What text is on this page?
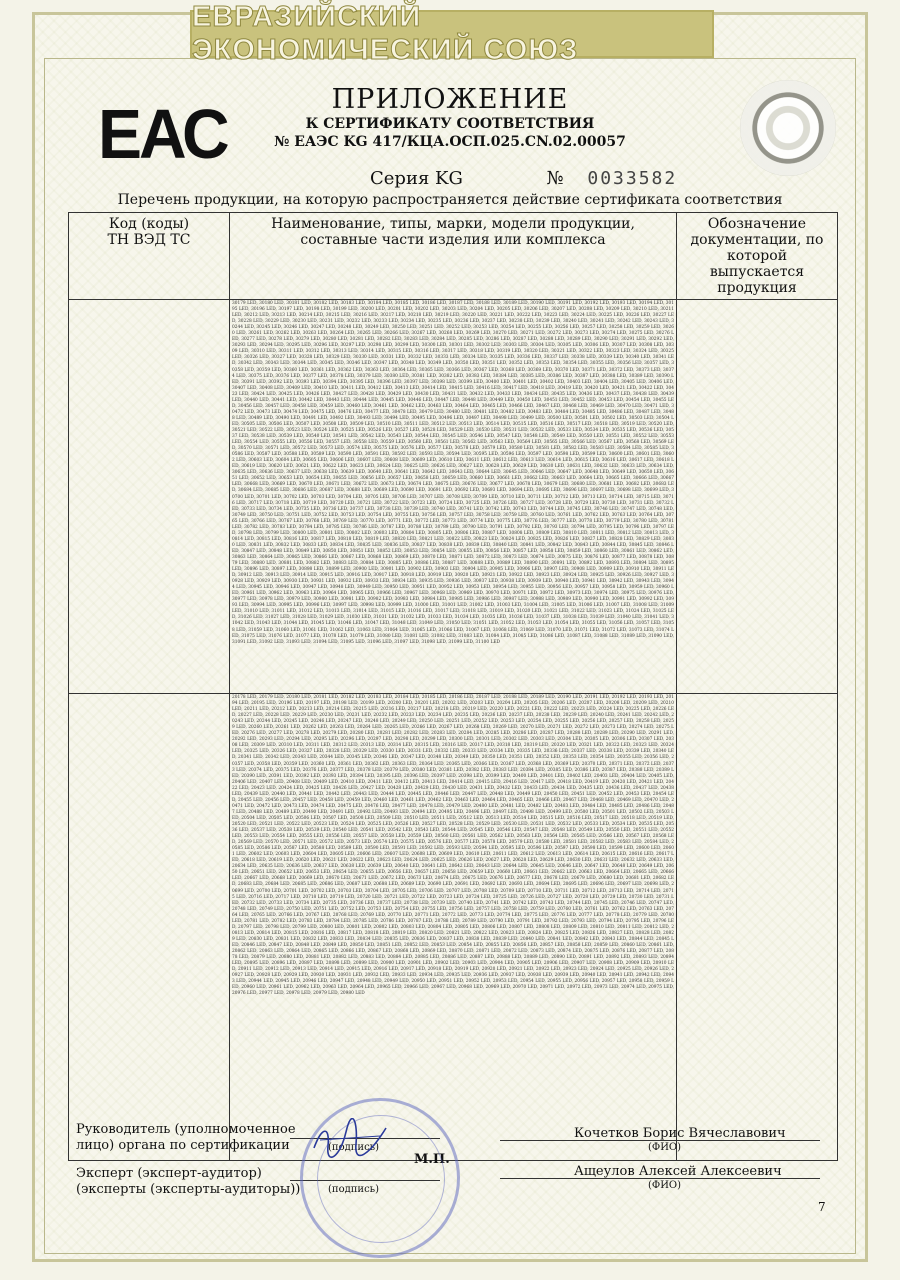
ЕВРАЗИЙСКИЙ ЭКОНОМИЧЕСКИЙ СОЮЗ
ЕАС	ПРИЛОЖЕНИЕ
К СЕРТИФИКАТУ СООТВЕТСТВИЯ
№ ЕАЭС KG 417/КЦА.ОСП.025.CN.02.00057
Серия KG	№ 0033582
Перечень продукции, на которую распространяется действие сертификата соответствия
Код (коды)
ТН ВЭД ТС	Наименование, типы, марки, модели продукции, составные части изделия или комплекса	Обозначение документации, по которой выпускается продукция

	30179 LED, 30180 LED, 30181 LED, 30182 LED, 30183 LED, 30184 LED, 30185 LED, 30186 LED, 30187 LED, 30188 LED, 30189 LED, 30190 LED, 30191 LED, 30192 LED, 30193 LED, 30194 LED, 30195 LED, 30196 LED, 30197 LED, 30198 LED, 30199 LED, 30200 LED, 30201 LED, 30202 LED, 30203 LED, 30204 LED, 30205 LED, 30206 LED, 30207 LED, 30208 LED, 30209 LED, 30210 LED, 30211 LED, 30212 LED, 30213 LED, 30214 LED, 30215 LED, 30216 LED, 30217 LED, 30218 LED, 30219 LED, 30220 LED, 30221 LED, 30222 LED, 30223 LED, 30224 LED, 30225 LED, 30226 LED, 30227 LED, 30228 LED, 30229 LED, 30230 LED, 30231 LED, 30232 LED, 30233 LED, 30234 LED, 30235 LED, 30236 LED, 30237 LED, 30238 LED, 30239 LED, 30240 LED, 30241 LED, 30242 LED, 30243 LED, 30244 LED, 30245 LED, 30246 LED, 30247 LED, 30248 LED, 30249 LED, 30250 LED, 30251 LED, 30252 LED, 30253 LED, 30254 LED, 30255 LED, 30256 LED, 30257 LED, 30258 LED, 30259 LED, 30260 LED, 30261 LED, 30262 LED, 30263 LED, 30264 LED, 30265 LED, 30266 LED, 30267 LED, 30268 LED, 30269 LED, 30270 LED, 30271 LED, 30272 LED, 30273 LED, 30274 LED, 30275 LED, 30276 LED, 30277 LED, 30278 LED, 30279 LED, 30280 LED, 30281 LED, 30282 LED, 30283 LED, 30284 LED, 30285 LED, 30286 LED, 30287 LED, 30288 LED, 30289 LED, 30290 LED, 30291 LED, 30292 LED, 30293 LED, 30294 LED, 30295 LED, 30296 LED, 30297 LED, 30298 LED, 30299 LED, 30300 LED, 30301 LED, 30302 LED, 30303 LED, 30304 LED, 30305 LED, 30306 LED, 30307 LED, 30308 LED, 30309 LED, 30310 LED, 30311 LED, 30312 LED, 30313 LED, 30314 LED, 30315 LED, 30316 LED, 30317 LED, 30318 LED, 30319 LED, 30320 LED, 30321 LED, 30322 LED, 30323 LED, 30324 LED, 30325 LED, 30326 LED, 30327 LED, 30328 LED, 30329 LED, 30330 LED, 30331 LED, 30332 LED, 30333 LED, 30334 LED, 30335 LED, 30336 LED, 30337 LED, 30338 LED, 30339 LED, 30340 LED, 30341 LED, 30342 LED, 30343 LED, 30344 LED, 30345 LED, 30346 LED, 30347 LED, 30348 LED, 30349 LED, 30350 LED, 30351 LED, 30352 LED, 30353 LED, 30354 LED, 30355 LED, 30356 LED, 30357 LED, 30358 LED, 30359 LED, 30360 LED, 30361 LED, 30362 LED, 30363 LED, 30364 LED, 30365 LED, 30366 LED, 30367 LED, 30368 LED, 30369 LED, 30370 LED, 30371 LED, 30372 LED, 30373 LED, 30374 LED, 30375 LED, 30376 LED, 30377 LED, 30378 LED, 30379 LED, 30380 LED, 30381 LED, 30382 LED, 30383 LED, 30384 LED, 30385 LED, 30386 LED, 30387 LED, 30388 LED, 30389 LED, 30390 LED, 30391 LED, 30392 LED, 30393 LED, 30394 LED, 30395 LED, 30396 LED, 30397 LED, 30398 LED, 30399 LED, 30400 LED, 30401 LED, 30402 LED, 30403 LED, 30404 LED, 30405 LED, 30406 LED, 30407 LED, 30408 LED, 30409 LED, 30410 LED, 30411 LED, 30412 LED, 30413 LED, 30414 LED, 30415 LED, 30416 LED, 30417 LED, 30418 LED, 30419 LED, 30420 LED, 30421 LED, 30422 LED, 30423 LED, 30424 LED, 30425 LED, 30426 LED, 30427 LED, 30428 LED, 30429 LED, 30430 LED, 30431 LED, 30432 LED, 30433 LED, 30434 LED, 30435 LED, 30436 LED, 30437 LED, 30438 LED, 30439 LED, 30440 LED, 30441 LED, 30442 LED, 30443 LED, 30444 LED, 30445 LED, 30446 LED, 30447 LED, 30448 LED, 30449 LED, 30450 LED, 30451 LED, 30452 LED, 30453 LED, 30454 LED, 30455 LED, 30456 LED, 30457 LED, 30458 LED, 30459 LED, 30460 LED, 30461 LED, 30462 LED, 30463 LED, 30464 LED, 30465 LED, 30466 LED, 30467 LED, 30468 LED, 30469 LED, 30470 LED, 30471 LED, 30472 LED, 30473 LED, 30474 LED, 30475 LED, 30476 LED, 30477 LED, 30478 LED, 30479 LED, 30480 LED, 30481 LED, 30482 LED, 30483 LED, 30484 LED, 30485 LED, 30486 LED, 30487 LED, 30488 LED, 30489 LED, 30490 LED, 30491 LED, 30492 LED, 30493 LED, 30494 LED, 30495 LED, 30496 LED, 30497 LED, 30498 LED, 30499 LED, 30500 LED, 30501 LED, 30502 LED, 30503 LED, 30504 LED, 30505 LED, 30506 LED, 30507 LED, 30508 LED, 30509 LED, 30510 LED, 30511 LED, 30512 LED, 30513 LED, 30514 LED, 30515 LED, 30516 LED, 30517 LED, 30518 LED, 30519 LED, 30520 LED, 30521 LED, 30522 LED, 30523 LED, 30524 LED, 30525 LED, 30526 LED, 30527 LED, 30528 LED, 30529 LED, 30530 LED, 30531 LED, 30532 LED, 30533 LED, 30534 LED, 30535 LED, 30536 LED, 30537 LED, 30538 LED, 30539 LED, 30540 LED, 30541 LED, 30542 LED, 30543 LED, 30544 LED, 30545 LED, 30546 LED, 30547 LED, 30548 LED, 30549 LED, 30550 LED, 30551 LED, 30552 LED, 30553 LED, 30554 LED, 30555 LED, 30556 LED, 30557 LED, 30558 LED, 30559 LED, 30560 LED, 30561 LED, 30562 LED, 30563 LED, 30564 LED, 30565 LED, 30566 LED, 30567 LED, 30568 LED, 30569 LED, 30570 LED, 30571 LED, 30572 LED, 30573 LED, 30574 LED, 30575 LED, 30576 LED, 30577 LED, 30578 LED, 30579 LED, 30580 LED, 30581 LED, 30582 LED, 30583 LED, 30584 LED, 30585 LED, 30586 LED, 30587 LED, 30588 LED, 30589 LED, 30590 LED, 30591 LED, 30592 LED, 30593 LED, 30594 LED, 30595 LED, 30596 LED, 30597 LED, 30598 LED, 30599 LED, 30600 LED, 30601 LED, 30602 LED, 30603 LED, 30604 LED, 30605 LED, 30606 LED, 30607 LED, 30608 LED, 30609 LED, 30610 LED, 30611 LED, 30612 LED, 30613 LED, 30614 LED, 30615 LED, 30616 LED, 30617 LED, 30618 LED, 30619 LED, 30620 LED, 30621 LED, 30622 LED, 30623 LED, 30624 LED, 30625 LED, 30626 LED, 30627 LED, 30628 LED, 30629 LED, 30630 LED, 30631 LED, 30632 LED, 30633 LED, 30634 LED, 30635 LED, 30636 LED, 30637 LED, 30638 LED, 30639 LED, 30640 LED, 30641 LED, 30642 LED, 30643 LED, 30644 LED, 30645 LED, 30646 LED, 30647 LED, 30648 LED, 30649 LED, 30650 LED, 30651 LED, 30652 LED, 30653 LED, 30654 LED, 30655 LED, 30656 LED, 30657 LED, 30658 LED, 30659 LED, 30660 LED, 30661 LED, 30662 LED, 30663 LED, 30664 LED, 30665 LED, 30666 LED, 30667 LED, 30668 LED, 30669 LED, 30670 LED, 30671 LED, 30672 LED, 30673 LED, 30674 LED, 30675 LED, 30676 LED, 30677 LED, 30678 LED, 30679 LED, 30680 LED, 30681 LED, 30682 LED, 30683 LED, 30684 LED, 30685 LED, 30686 LED, 30687 LED, 30688 LED, 30689 LED, 30690 LED, 30691 LED, 30692 LED, 30693 LED, 30694 LED, 30695 LED, 30696 LED, 30697 LED, 30698 LED, 30699 LED, 30700 LED, 30701 LED, 30702 LED, 30703 LED, 30704 LED, 30705 LED, 30706 LED, 30707 LED, 30708 LED, 30709 LED, 30710 LED, 30711 LED, 30712 LED, 30713 LED, 30714 LED, 30715 LED, 30716 LED, 30717 LED, 30718 LED, 30719 LED, 30720 LED, 30721 LED, 30722 LED, 30723 LED, 30724 LED, 30725 LED, 30726 LED, 30727 LED, 30728 LED, 30729 LED, 30730 LED, 30731 LED, 30732 LED, 30733 LED, 30734 LED, 30735 LED, 30736 LED, 30737 LED, 30738 LED, 30739 LED, 30740 LED, 30741 LED, 30742 LED, 30743 LED, 30744 LED, 30745 LED, 30746 LED, 30747 LED, 30748 LED, 30749 LED, 30750 LED, 30751 LED, 30752 LED, 30753 LED, 30754 LED, 30755 LED, 30756 LED, 30757 LED, 30758 LED, 30759 LED, 30760 LED, 30761 LED, 30762 LED, 30763 LED, 30764 LED, 30765 LED, 30766 LED, 30767 LED, 30768 LED, 30769 LED, 30770 LED, 30771 LED, 30772 LED, 30773 LED, 30774 LED, 30775 LED, 30776 LED, 30777 LED, 30778 LED, 30779 LED, 30780 LED, 30781 LED, 30782 LED, 30783 LED, 30784 LED, 30785 LED, 30786 LED, 30787 LED, 30788 LED, 30789 LED, 30790 LED, 30791 LED, 30792 LED, 30793 LED, 30794 LED, 30795 LED, 30796 LED, 30797 LED, 30798 LED, 30799 LED, 30800 LED, 30801 LED, 30802 LED, 30803 LED, 30804 LED, 30805 LED, 30806 LED, 30807 LED, 30808 LED, 30809 LED, 30810 LED, 30811 LED, 30812 LED, 30813 LED, 30814 LED, 30815 LED, 30816 LED, 30817 LED, 30818 LED, 30819 LED, 30820 LED, 30821 LED, 30822 LED, 30823 LED, 30824 LED, 30825 LED, 30826 LED, 30827 LED, 30828 LED, 30829 LED, 30830 LED, 30831 LED, 30832 LED, 30833 LED, 30834 LED, 30835 LED, 30836 LED, 30837 LED, 30838 LED, 30839 LED, 30840 LED, 30841 LED, 30842 LED, 30843 LED, 30844 LED, 30845 LED, 30846 LED, 30847 LED, 30848 LED, 30849 LED, 30850 LED, 30851 LED, 30852 LED, 30853 LED, 30854 LED, 30855 LED, 30856 LED, 30857 LED, 30858 LED, 30859 LED, 30860 LED, 30861 LED, 30862 LED, 30863 LED, 30864 LED, 30865 LED, 30866 LED, 30867 LED, 30868 LED, 30869 LED, 30870 LED, 30871 LED, 30872 LED, 30873 LED, 30874 LED, 30875 LED, 30876 LED, 30877 LED, 30878 LED, 30879 LED, 30880 LED, 30881 LED, 30882 LED, 30883 LED, 30884 LED, 30885 LED, 30886 LED, 30887 LED, 30888 LED, 30889 LED, 30890 LED, 30891 LED, 30892 LED, 30893 LED, 30894 LED, 30895 LED, 30896 LED, 30897 LED, 30898 LED, 30899 LED, 30900 LED, 30901 LED, 30902 LED, 30903 LED, 30904 LED, 30905 LED, 30906 LED, 30907 LED, 30908 LED, 30909 LED, 30910 LED, 30911 LED, 30912 LED, 30913 LED, 30914 LED, 30915 LED, 30916 LED, 30917 LED, 30918 LED, 30919 LED, 30920 LED, 30921 LED, 30922 LED, 30923 LED, 30924 LED, 30925 LED, 30926 LED, 30927 LED, 30928 LED, 30929 LED, 30930 LED, 30931 LED, 30932 LED, 30933 LED, 30934 LED, 30935 LED, 30936 LED, 30937 LED, 30938 LED, 30939 LED, 30940 LED, 30941 LED, 30942 LED, 30943 LED, 30944 LED, 30945 LED, 30946 LED, 30947 LED, 30948 LED, 30949 LED, 30950 LED, 30951 LED, 30952 LED, 30953 LED, 30954 LED, 30955 LED, 30956 LED, 30957 LED, 30958 LED, 30959 LED, 30960 LED, 30961 LED, 30962 LED, 30963 LED, 30964 LED, 30965 LED, 30966 LED, 30967 LED, 30968 LED, 30969 LED, 30970 LED, 30971 LED, 30972 LED, 30973 LED, 30974 LED, 30975 LED, 30976 LED, 30977 LED, 30978 LED, 30979 LED, 30980 LED, 30981 LED, 30982 LED, 30983 LED, 30984 LED, 30985 LED, 30986 LED, 30987 LED, 30988 LED, 30989 LED, 30990 LED, 30991 LED, 30992 LED, 30993 LED, 30994 LED, 30995 LED, 30996 LED, 30997 LED, 30998 LED, 30999 LED, 31000 LED, 31001 LED, 31002 LED, 31003 LED, 31004 LED, 31005 LED, 31006 LED, 31007 LED, 31008 LED, 31009 LED, 31010 LED, 31011 LED, 31012 LED, 31013 LED, 31014 LED, 31015 LED, 31016 LED, 31017 LED, 31018 LED, 31019 LED, 31020 LED, 31021 LED, 31022 LED, 31023 LED, 31024 LED, 31025 LED, 31026 LED, 31027 LED, 31028 LED, 31029 LED, 31030 LED, 31031 LED, 31032 LED, 31033 LED, 31034 LED, 31035 LED, 31036 LED, 31037 LED, 31038 LED, 31039 LED, 31040 LED, 31041 LED, 31042 LED, 31043 LED, 31044 LED, 31045 LED, 31046 LED, 31047 LED, 31048 LED, 31049 LED, 31050 LED, 31051 LED, 31052 LED, 31053 LED, 31054 LED, 31055 LED, 31056 LED, 31057 LED, 31058 LED, 31059 LED, 31060 LED, 31061 LED, 31062 LED, 31063 LED, 31064 LED, 31065 LED, 31066 LED, 31067 LED, 31068 LED, 31069 LED, 31070 LED, 31071 LED, 31072 LED, 31073 LED, 31074 LED, 31075 LED, 31076 LED, 31077 LED, 31078 LED, 31079 LED, 31080 LED, 31081 LED, 31082 LED, 31083 LED, 31084 LED, 31085 LED, 31086 LED, 31087 LED, 31088 LED, 31089 LED, 31090 LED, 31091 LED, 31092 LED, 31093 LED, 31094 LED, 31095 LED, 31096 LED, 31097 LED, 31098 LED, 31099 LED, 31100 LED	

	20178 LED, 20179 LED, 20180 LED, 20181 LED, 20182 LED, 20183 LED, 20184 LED, 20185 LED, 20186 LED, 20187 LED, 20188 LED, 20189 LED, 20190 LED, 20191 LED, 20192 LED, 20193 LED, 20194 LED, 20195 LED, 20196 LED, 20197 LED, 20198 LED, 20199 LED, 20200 LED, 20201 LED, 20202 LED, 20203 LED, 20204 LED, 20205 LED, 20206 LED, 20207 LED, 20208 LED, 20209 LED, 20210 LED, 20211 LED, 20212 LED, 20213 LED, 20214 LED, 20215 LED, 20216 LED, 20217 LED, 20218 LED, 20219 LED, 20220 LED, 20221 LED, 20222 LED, 20223 LED, 20224 LED, 20225 LED, 20226 LED, 20227 LED, 20228 LED, 20229 LED, 20230 LED, 20231 LED, 20232 LED, 20233 LED, 20234 LED, 20235 LED, 20236 LED, 20237 LED, 20238 LED, 20239 LED, 20240 LED, 20241 LED, 20242 LED, 20243 LED, 20244 LED, 20245 LED, 20246 LED, 20247 LED, 20248 LED, 20249 LED, 20250 LED, 20251 LED, 20252 LED, 20253 LED, 20254 LED, 20255 LED, 20256 LED, 20257 LED, 20258 LED, 20259 LED, 20260 LED, 20261 LED, 20262 LED, 20263 LED, 20264 LED, 20265 LED, 20266 LED, 20267 LED, 20268 LED, 20269 LED, 20270 LED, 20271 LED, 20272 LED, 20273 LED, 20274 LED, 20275 LED, 20276 LED, 20277 LED, 20278 LED, 20279 LED, 20280 LED, 20281 LED, 20282 LED, 20283 LED, 20284 LED, 20285 LED, 20286 LED, 20287 LED, 20288 LED, 20289 LED, 20290 LED, 20291 LED, 20292 LED, 20293 LED, 20294 LED, 20295 LED, 20296 LED, 20297 LED, 20298 LED, 20299 LED, 20300 LED, 20301 LED, 20302 LED, 20303 LED, 20304 LED, 20305 LED, 20306 LED, 20307 LED, 20308 LED, 20309 LED, 20310 LED, 20311 LED, 20312 LED, 20313 LED, 20314 LED, 20315 LED, 20316 LED, 20317 LED, 20318 LED, 20319 LED, 20320 LED, 20321 LED, 20322 LED, 20323 LED, 20324 LED, 20325 LED, 20326 LED, 20327 LED, 20328 LED, 20329 LED, 20330 LED, 20331 LED, 20332 LED, 20333 LED, 20334 LED, 20335 LED, 20336 LED, 20337 LED, 20338 LED, 20339 LED, 20340 LED, 20341 LED, 20342 LED, 20343 LED, 20344 LED, 20345 LED, 20346 LED, 20347 LED, 20348 LED, 20349 LED, 20350 LED, 20351 LED, 20352 LED, 20353 LED, 20354 LED, 20355 LED, 20356 LED, 20357 LED, 20358 LED, 20359 LED, 20360 LED, 20361 LED, 20362 LED, 20363 LED, 20364 LED, 20365 LED, 20366 LED, 20367 LED, 20368 LED, 20369 LED, 20370 LED, 20371 LED, 20372 LED, 20373 LED, 20374 LED, 20375 LED, 20376 LED, 20377 LED, 20378 LED, 20379 LED, 20380 LED, 20381 LED, 20382 LED, 20383 LED, 20384 LED, 20385 LED, 20386 LED, 20387 LED, 20388 LED, 20389 LED, 20390 LED, 20391 LED, 20392 LED, 20393 LED, 20394 LED, 20395 LED, 20396 LED, 20397 LED, 20398 LED, 20399 LED, 20400 LED, 20401 LED, 20402 LED, 20403 LED, 20404 LED, 20405 LED, 20406 LED, 20407 LED, 20408 LED, 20409 LED, 20410 LED, 20411 LED, 20412 LED, 20413 LED, 20414 LED, 20415 LED, 20416 LED, 20417 LED, 20418 LED, 20419 LED, 20420 LED, 20421 LED, 20422 LED, 20423 LED, 20424 LED, 20425 LED, 20426 LED, 20427 LED, 20428 LED, 20429 LED, 20430 LED, 20431 LED, 20432 LED, 20433 LED, 20434 LED, 20435 LED, 20436 LED, 20437 LED, 20438 LED, 20439 LED, 20440 LED, 20441 LED, 20442 LED, 20443 LED, 20444 LED, 20445 LED, 20446 LED, 20447 LED, 20448 LED, 20449 LED, 20450 LED, 20451 LED, 20452 LED, 20453 LED, 20454 LED, 20455 LED, 20456 LED, 20457 LED, 20458 LED, 20459 LED, 20460 LED, 20461 LED, 20462 LED, 20463 LED, 20464 LED, 20465 LED, 20466 LED, 20467 LED, 20468 LED, 20469 LED, 20470 LED, 20471 LED, 20472 LED, 20473 LED, 20474 LED, 20475 LED, 20476 LED, 20477 LED, 20478 LED, 20479 LED, 20480 LED, 20481 LED, 20482 LED, 20483 LED, 20484 LED, 20485 LED, 20486 LED, 20487 LED, 20488 LED, 20489 LED, 20490 LED, 20491 LED, 20492 LED, 20493 LED, 20494 LED, 20495 LED, 20496 LED, 20497 LED, 20498 LED, 20499 LED, 20500 LED, 20501 LED, 20502 LED, 20503 LED, 20504 LED, 20505 LED, 20506 LED, 20507 LED, 20508 LED, 20509 LED, 20510 LED, 20511 LED, 20512 LED, 20513 LED, 20514 LED, 20515 LED, 20516 LED, 20517 LED, 20518 LED, 20519 LED, 20520 LED, 20521 LED, 20522 LED, 20523 LED, 20524 LED, 20525 LED, 20526 LED, 20527 LED, 20528 LED, 20529 LED, 20530 LED, 20531 LED, 20532 LED, 20533 LED, 20534 LED, 20535 LED, 20536 LED, 20537 LED, 20538 LED, 20539 LED, 20540 LED, 20541 LED, 20542 LED, 20543 LED, 20544 LED, 20545 LED, 20546 LED, 20547 LED, 20548 LED, 20549 LED, 20550 LED, 20551 LED, 20552 LED, 20553 LED, 20554 LED, 20555 LED, 20556 LED, 20557 LED, 20558 LED, 20559 LED, 20560 LED, 20561 LED, 20562 LED, 20563 LED, 20564 LED, 20565 LED, 20566 LED, 20567 LED, 20568 LED, 20569 LED, 20570 LED, 20571 LED, 20572 LED, 20573 LED, 20574 LED, 20575 LED, 20576 LED, 20577 LED, 20578 LED, 20579 LED, 20580 LED, 20581 LED, 20582 LED, 20583 LED, 20584 LED, 20585 LED, 20586 LED, 20587 LED, 20588 LED, 20589 LED, 20590 LED, 20591 LED, 20592 LED, 20593 LED, 20594 LED, 20595 LED, 20596 LED, 20597 LED, 20598 LED, 20599 LED, 20600 LED, 20601 LED, 20602 LED, 20603 LED, 20604 LED, 20605 LED, 20606 LED, 20607 LED, 20608 LED, 20609 LED, 20610 LED, 20611 LED, 20612 LED, 20613 LED, 20614 LED, 20615 LED, 20616 LED, 20617 LED, 20618 LED, 20619 LED, 20620 LED, 20621 LED, 20622 LED, 20623 LED, 20624 LED, 20625 LED, 20626 LED, 20627 LED, 20628 LED, 20629 LED, 20630 LED, 20631 LED, 20632 LED, 20633 LED, 20634 LED, 20635 LED, 20636 LED, 20637 LED, 20638 LED, 20639 LED, 20640 LED, 20641 LED, 20642 LED, 20643 LED, 20644 LED, 20645 LED, 20646 LED, 20647 LED, 20648 LED, 20649 LED, 20650 LED, 20651 LED, 20652 LED, 20653 LED, 20654 LED, 20655 LED, 20656 LED, 20657 LED, 20658 LED, 20659 LED, 20660 LED, 20661 LED, 20662 LED, 20663 LED, 20664 LED, 20665 LED, 20666 LED, 20667 LED, 20668 LED, 20669 LED, 20670 LED, 20671 LED, 20672 LED, 20673 LED, 20674 LED, 20675 LED, 20676 LED, 20677 LED, 20678 LED, 20679 LED, 20680 LED, 20681 LED, 20682 LED, 20683 LED, 20684 LED, 20685 LED, 20686 LED, 20687 LED, 20688 LED, 20689 LED, 20690 LED, 20691 LED, 20692 LED, 20693 LED, 20694 LED, 20695 LED, 20696 LED, 20697 LED, 20698 LED, 20699 LED, 20700 LED, 20701 LED, 20702 LED, 20703 LED, 20704 LED, 20705 LED, 20706 LED, 20707 LED, 20708 LED, 20709 LED, 20710 LED, 20711 LED, 20712 LED, 20713 LED, 20714 LED, 20715 LED, 20716 LED, 20717 LED, 20718 LED, 20719 LED, 20720 LED, 20721 LED, 20722 LED, 20723 LED, 20724 LED, 20725 LED, 20726 LED, 20727 LED, 20728 LED, 20729 LED, 20730 LED, 20731 LED, 20732 LED, 20733 LED, 20734 LED, 20735 LED, 20736 LED, 20737 LED, 20738 LED, 20739 LED, 20740 LED, 20741 LED, 20742 LED, 20743 LED, 20744 LED, 20745 LED, 20746 LED, 20747 LED, 20748 LED, 20749 LED, 20750 LED, 20751 LED, 20752 LED, 20753 LED, 20754 LED, 20755 LED, 20756 LED, 20757 LED, 20758 LED, 20759 LED, 20760 LED, 20761 LED, 20762 LED, 20763 LED, 20764 LED, 20765 LED, 20766 LED, 20767 LED, 20768 LED, 20769 LED, 20770 LED, 20771 LED, 20772 LED, 20773 LED, 20774 LED, 20775 LED, 20776 LED, 20777 LED, 20778 LED, 20779 LED, 20780 LED, 20781 LED, 20782 LED, 20783 LED, 20784 LED, 20785 LED, 20786 LED, 20787 LED, 20788 LED, 20789 LED, 20790 LED, 20791 LED, 20792 LED, 20793 LED, 20794 LED, 20795 LED, 20796 LED, 20797 LED, 20798 LED, 20799 LED, 20800 LED, 20801 LED, 20802 LED, 20803 LED, 20804 LED, 20805 LED, 20806 LED, 20807 LED, 20808 LED, 20809 LED, 20810 LED, 20811 LED, 20812 LED, 20813 LED, 20814 LED, 20815 LED, 20816 LED, 20817 LED, 20818 LED, 20819 LED, 20820 LED, 20821 LED, 20822 LED, 20823 LED, 20824 LED, 20825 LED, 20826 LED, 20827 LED, 20828 LED, 20829 LED, 20830 LED, 20831 LED, 20832 LED, 20833 LED, 20834 LED, 20835 LED, 20836 LED, 20837 LED, 20838 LED, 20839 LED, 20840 LED, 20841 LED, 20842 LED, 20843 LED, 20844 LED, 20845 LED, 20846 LED, 20847 LED, 20848 LED, 20849 LED, 20850 LED, 20851 LED, 20852 LED, 20853 LED, 20854 LED, 20855 LED, 20856 LED, 20857 LED, 20858 LED, 20859 LED, 20860 LED, 20861 LED, 20862 LED, 20863 LED, 20864 LED, 20865 LED, 20866 LED, 20867 LED, 20868 LED, 20869 LED, 20870 LED, 20871 LED, 20872 LED, 20873 LED, 20874 LED, 20875 LED, 20876 LED, 20877 LED, 20878 LED, 20879 LED, 20880 LED, 20881 LED, 20882 LED, 20883 LED, 20884 LED, 20885 LED, 20886 LED, 20887 LED, 20888 LED, 20889 LED, 20890 LED, 20891 LED, 20892 LED, 20893 LED, 20894 LED, 20895 LED, 20896 LED, 20897 LED, 20898 LED, 20899 LED, 20900 LED, 20901 LED, 20902 LED, 20903 LED, 20904 LED, 20905 LED, 20906 LED, 20907 LED, 20908 LED, 20909 LED, 20910 LED, 20911 LED, 20912 LED, 20913 LED, 20914 LED, 20915 LED, 20916 LED, 20917 LED, 20918 LED, 20919 LED, 20920 LED, 20921 LED, 20922 LED, 20923 LED, 20924 LED, 20925 LED, 20926 LED, 20927 LED, 20928 LED, 20929 LED, 20930 LED, 20931 LED, 20932 LED, 20933 LED, 20934 LED, 20935 LED, 20936 LED, 20937 LED, 20938 LED, 20939 LED, 20940 LED, 20941 LED, 20942 LED, 20943 LED, 20944 LED, 20945 LED, 20946 LED, 20947 LED, 20948 LED, 20949 LED, 20950 LED, 20951 LED, 20952 LED, 20953 LED, 20954 LED, 20955 LED, 20956 LED, 20957 LED, 20958 LED, 20959 LED, 20960 LED, 20961 LED, 20962 LED, 20963 LED, 20964 LED, 20965 LED, 20966 LED, 20967 LED, 20968 LED, 20969 LED, 20970 LED, 20971 LED, 20972 LED, 20973 LED, 20974 LED, 20975 LED, 20976 LED, 20977 LED, 20978 LED, 20979 LED, 20980 LED	

Руководитель (уполномоченное
лицо) органа по сертификации	(подпись)
М.П.
Кочетков Борис Вячеславович
(ФИО)
Эксперт (эксперт-аудитор)
(эксперты (эксперты-аудиторы))	(подпись)
Ащеулов Алексей Алексеевич
(ФИО)
7
